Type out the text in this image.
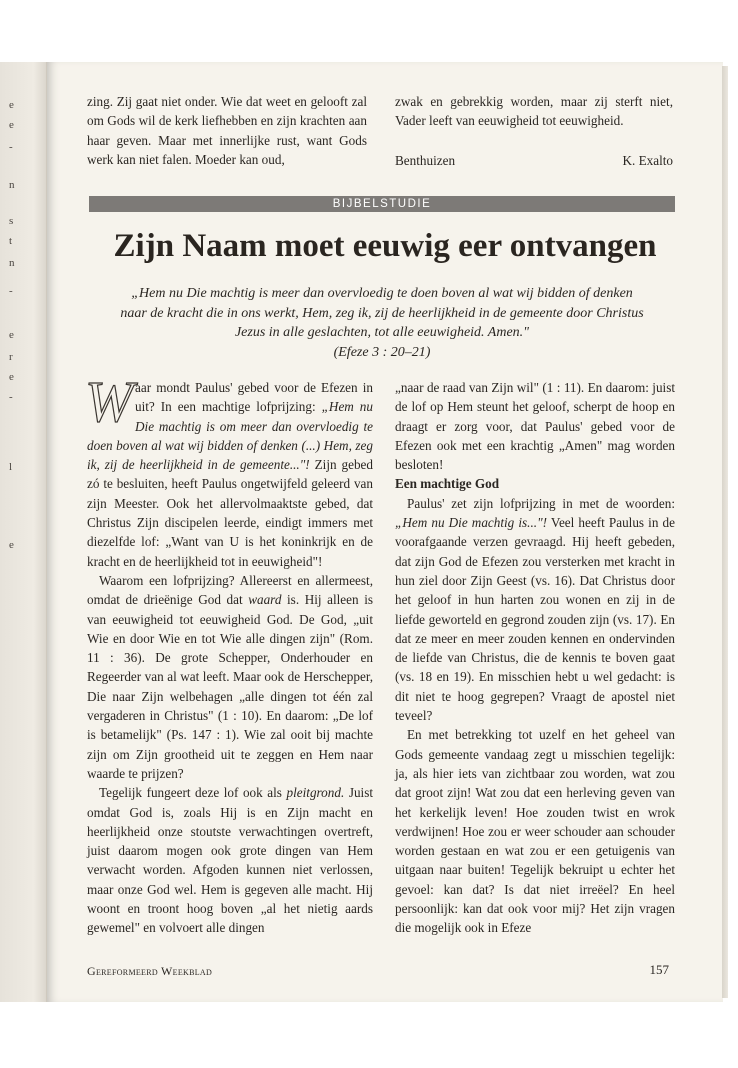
e
e
-
n
s
t
n
-
e
r
e
-
l
e

zing. Zij gaat niet onder. Wie dat weet en gelooft zal om Gods wil de kerk liefhebben en zijn krachten aan haar geven. Maar met innerlijke rust, want Gods werk kan niet falen. Moeder kan oud,

zwak en gebrekkig worden, maar zij sterft niet, Vader leeft van eeuwigheid tot eeuwigheid.

Benthuizen	K. Exalto
BIJBELSTUDIE
Zijn Naam moet eeuwig eer ontvangen
„Hem nu Die machtig is meer dan overvloedig te doen boven al wat wij bidden of denken naar de kracht die in ons werkt, Hem, zeg ik, zij de heerlijkheid in de gemeente door Christus Jezus in alle geslachten, tot alle eeuwigheid. Amen."
(Efeze 3 : 20–21)

Waar mondt Paulus' gebed voor de Efezen in uit? In een machtige lofprijzing: „Hem nu Die machtig is om meer dan overvloedig te doen boven al wat wij bidden of denken (...) Hem, zeg ik, zij de heerlijkheid in de gemeente..."! Zijn gebed zó te besluiten, heeft Paulus ongetwijfeld geleerd van zijn Meester. Ook het allervolmaaktste gebed, dat Christus Zijn discipelen leerde, eindigt immers met diezelfde lof: „Want van U is het koninkrijk en de kracht en de heerlijkheid tot in eeuwigheid"!

Waarom een lofprijzing? Allereerst en allermeest, omdat de drieënige God dat waard is. Hij alleen is van eeuwigheid tot eeuwigheid God. De God, „uit Wie en door Wie en tot Wie alle dingen zijn" (Rom. 11 : 36). De grote Schepper, Onderhouder en Regeerder van al wat leeft. Maar ook de Herschepper, Die naar Zijn welbehagen „alle dingen tot één zal vergaderen in Christus" (1 : 10). En daarom: „De lof is betamelijk" (Ps. 147 : 1). Wie zal ooit bij machte zijn om Zijn grootheid uit te zeggen en Hem naar waarde te prijzen?

Tegelijk fungeert deze lof ook als pleitgrond. Juist omdat God is, zoals Hij is en Zijn macht en heerlijkheid onze stoutste verwachtingen overtreft, juist daarom mogen ook grote dingen van Hem verwacht worden. Afgoden kunnen niet verlossen, maar onze God wel. Hem is gegeven alle macht. Hij woont en troont hoog boven „al het nietig aards gewemel" en volvoert alle dingen

„naar de raad van Zijn wil" (1 : 11). En daarom: juist de lof op Hem steunt het geloof, scherpt de hoop en draagt er zorg voor, dat Paulus' gebed voor de Efezen ook met een krachtig „Amen" mag worden besloten!

Een machtige God

Paulus' zet zijn lofprijzing in met de woorden: „Hem nu Die machtig is..."! Veel heeft Paulus in de voorafgaande verzen gevraagd. Hij heeft gebeden, dat zijn God de Efezen zou versterken met kracht in hun ziel door Zijn Geest (vs. 16). Dat Christus door het geloof in hun harten zou wonen en zij in de liefde geworteld en gegrond zouden zijn (vs. 17). En dat ze meer en meer zouden kennen en ondervinden de liefde van Christus, die de kennis te boven gaat (vs. 18 en 19). En misschien hebt u wel gedacht: is dit niet te hoog gegrepen? Vraagt de apostel niet teveel?

En met betrekking tot uzelf en het geheel van Gods gemeente vandaag zegt u misschien tegelijk: ja, als hier iets van zichtbaar zou worden, wat zou dat groot zijn! Wat zou dat een herleving geven van het kerkelijk leven! Hoe zouden twist en wrok verdwijnen! Hoe zou er weer schouder aan schouder worden gestaan en wat zou er een getuigenis van uitgaan naar buiten! Tegelijk bekruipt u echter het gevoel: kan dat? Is dat niet irreëel? En heel persoonlijk: kan dat ook voor mij? Het zijn vragen die mogelijk ook in Efeze

Gereformeerd Weekblad	157
